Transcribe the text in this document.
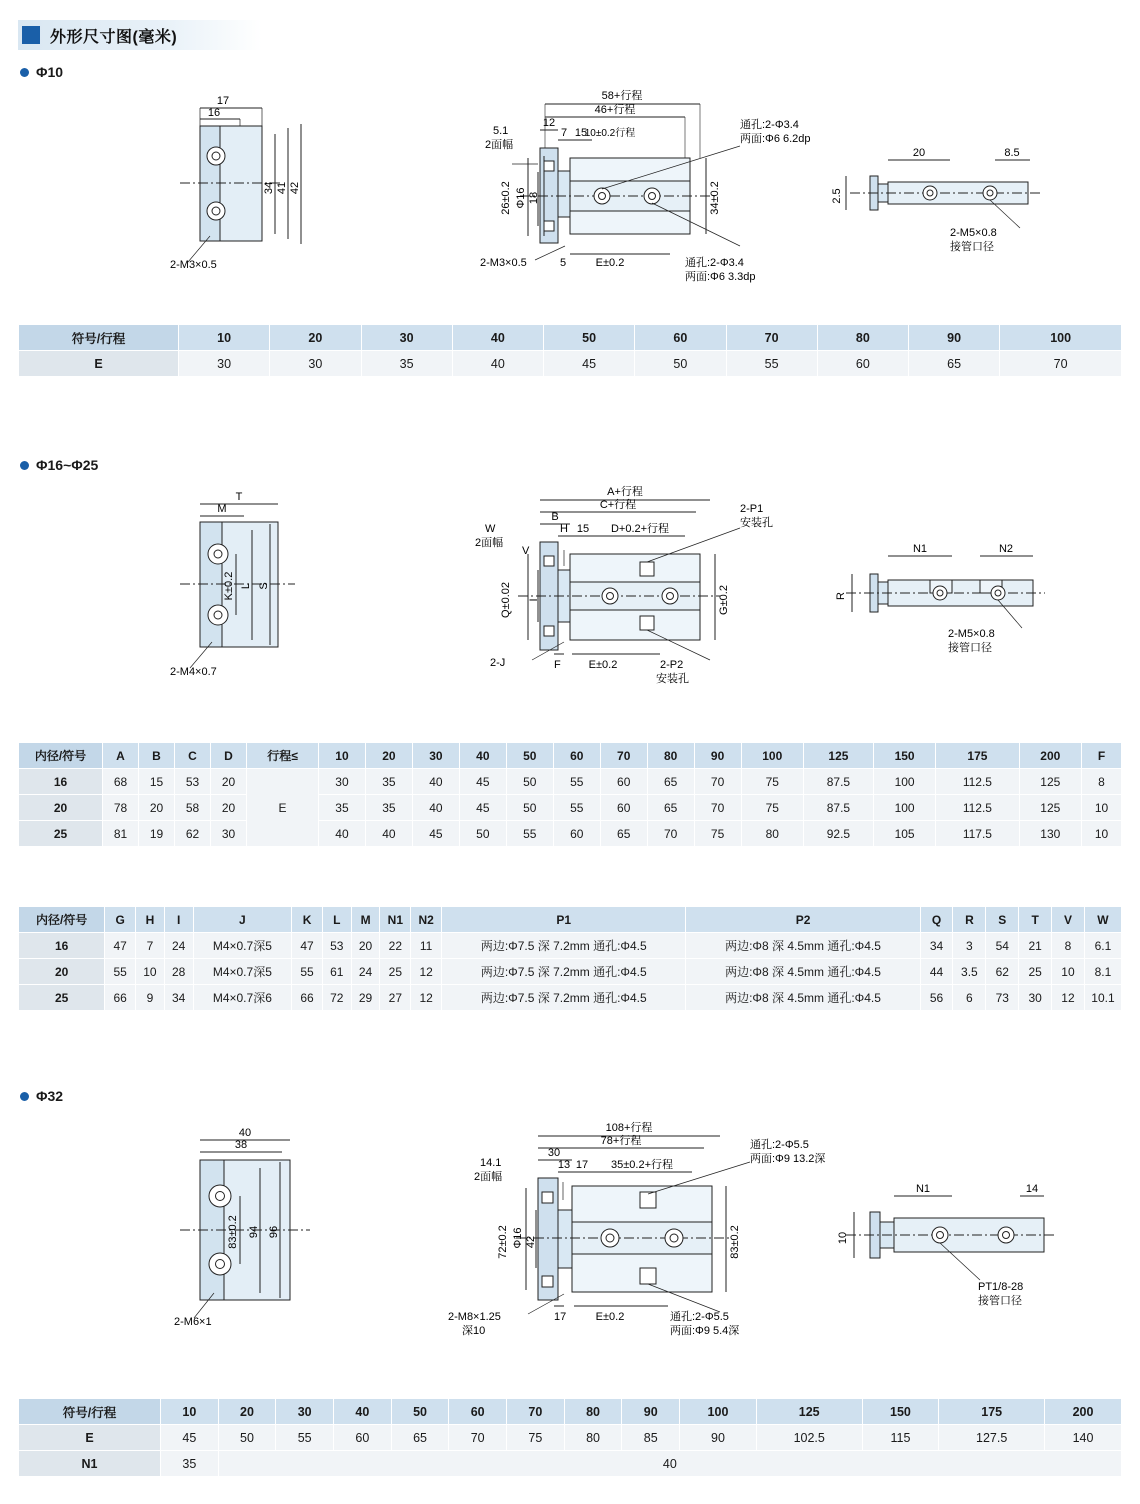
外形尺寸图(毫米)
Φ10
17
16
34 41 42
2-M3×0.5
58+行程
46+行程
12
7 15
10±0.2行程
5.1
2面幅
Φ16
26±0.2 18
2-M3×0.5	5	E±0.2
34±0.2
通孔:2-Φ3.4
两面:Φ6 6.2dp
通孔:2-Φ3.4
两面:Φ6 3.3dp
2.5
20	8.5
2-M5×0.8
接管口径
符号/行程	10	20	30	40	50	60	70	80	90	100
E	30	30	35	40	45	50	55	60	65	70
Φ16~Φ25
T
M
K±0.2 L S
2-M4×0.7
A+行程
C+行程
B
H 15 D+0.2+行程
W
2面幅
V
Q±0.02 I
2-J	F	E±0.2
G±0.2
2-P1
安装孔
2-P2
安装孔
R
N1	N2
2-M5×0.8
接管口径
内径/符号	A	B	C	D	行程≤	10	20	30	40	50	60	70	80	90	100	125	150	175	200	F
16	68	15	53	20	E	30	35	40	45	50	55	60	65	70	75	87.5	100	112.5	125	8
20	78	20	58	20		35	35	40	45	50	55	60	65	70	75	87.5	100	112.5	125	10
25	81	19	62	30		40	40	45	50	55	60	65	70	75	80	92.5	105	117.5	130	10
内径/符号	G	H	I	J	K	L	M	N1	N2	P1	P2	Q	R	S	T	V	W
16	47	7	24	M4×0.7深5	47	53	20	22	11	两边:Φ7.5 深 7.2mm 通孔:Φ4.5	两边:Φ8 深 4.5mm 通孔:Φ4.5	34	3	54	21	8	6.1
20	55	10	28	M4×0.7深5	55	61	24	25	12	两边:Φ7.5 深 7.2mm 通孔:Φ4.5	两边:Φ8 深 4.5mm 通孔:Φ4.5	44	3.5	62	25	10	8.1
25	66	9	34	M4×0.7深6	66	72	29	27	12	两边:Φ7.5 深 7.2mm 通孔:Φ4.5	两边:Φ8 深 4.5mm 通孔:Φ4.5	56	6	73	30	12	10.1
Φ32
40
38
83±0.2 94 96
2-M6×1
108+行程
78+行程
30
13 17 35±0.2+行程
14.1
2面幅
Φ16
72±0.2 42
2-M8×1.25
深10
17	E±0.2
83±0.2
通孔:2-Φ5.5
两面:Φ9 13.2深
通孔:2-Φ5.5
两面:Φ9 5.4深
10
N1	14
PT1/8-28
接管口径
符号/行程	10	20	30	40	50	60	70	80	90	100	125	150	175	200
E	45	50	55	60	65	70	75	80	85	90	102.5	115	127.5	140
N1	35	40												
